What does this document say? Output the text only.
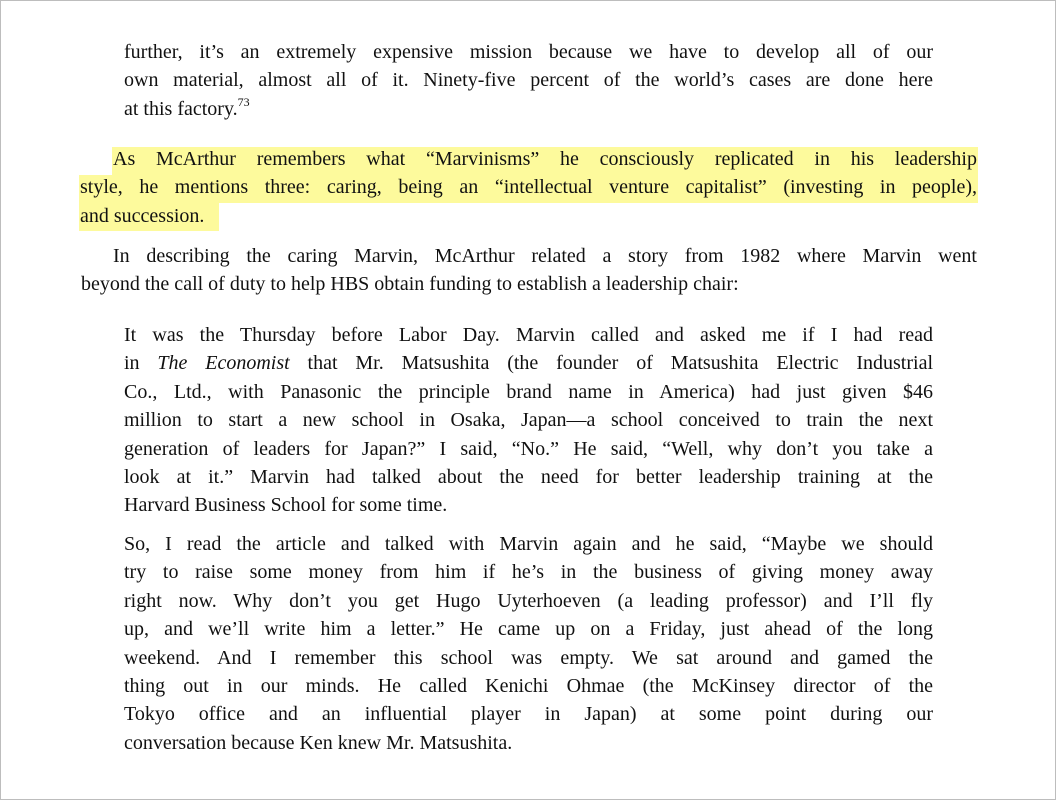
further, it’s an extremely expensive mission because we have to develop all of our
own material, almost all of it. Ninety-five percent of the world’s cases are done here
at this factory.$^{73}$
As McArthur remembers what “Marvinisms” he consciously replicated in his leadership
style, he mentions three: caring, being an “intellectual venture capitalist” (investing in people),
and succession.
In describing the caring Marvin, McArthur related a story from 1982 where Marvin went
beyond the call of duty to help HBS obtain funding to establish a leadership chair:
It was the Thursday before Labor Day. Marvin called and asked me if I had read
in The Economist that Mr. Matsushita (the founder of Matsushita Electric Industrial
Co., Ltd., with Panasonic the principle brand name in America) had just given $46
million to start a new school in Osaka, Japan—a school conceived to train the next
generation of leaders for Japan?” I said, “No.” He said, “Well, why don’t you take a
look at it.” Marvin had talked about the need for better leadership training at the
Harvard Business School for some time.
So, I read the article and talked with Marvin again and he said, “Maybe we should
try to raise some money from him if he’s in the business of giving money away
right now. Why don’t you get Hugo Uyterhoeven (a leading professor) and I’ll fly
up, and we’ll write him a letter.” He came up on a Friday, just ahead of the long
weekend. And I remember this school was empty. We sat around and gamed the
thing out in our minds. He called Kenichi Ohmae (the McKinsey director of the
Tokyo office and an influential player in Japan) at some point during our
conversation because Ken knew Mr. Matsushita.
